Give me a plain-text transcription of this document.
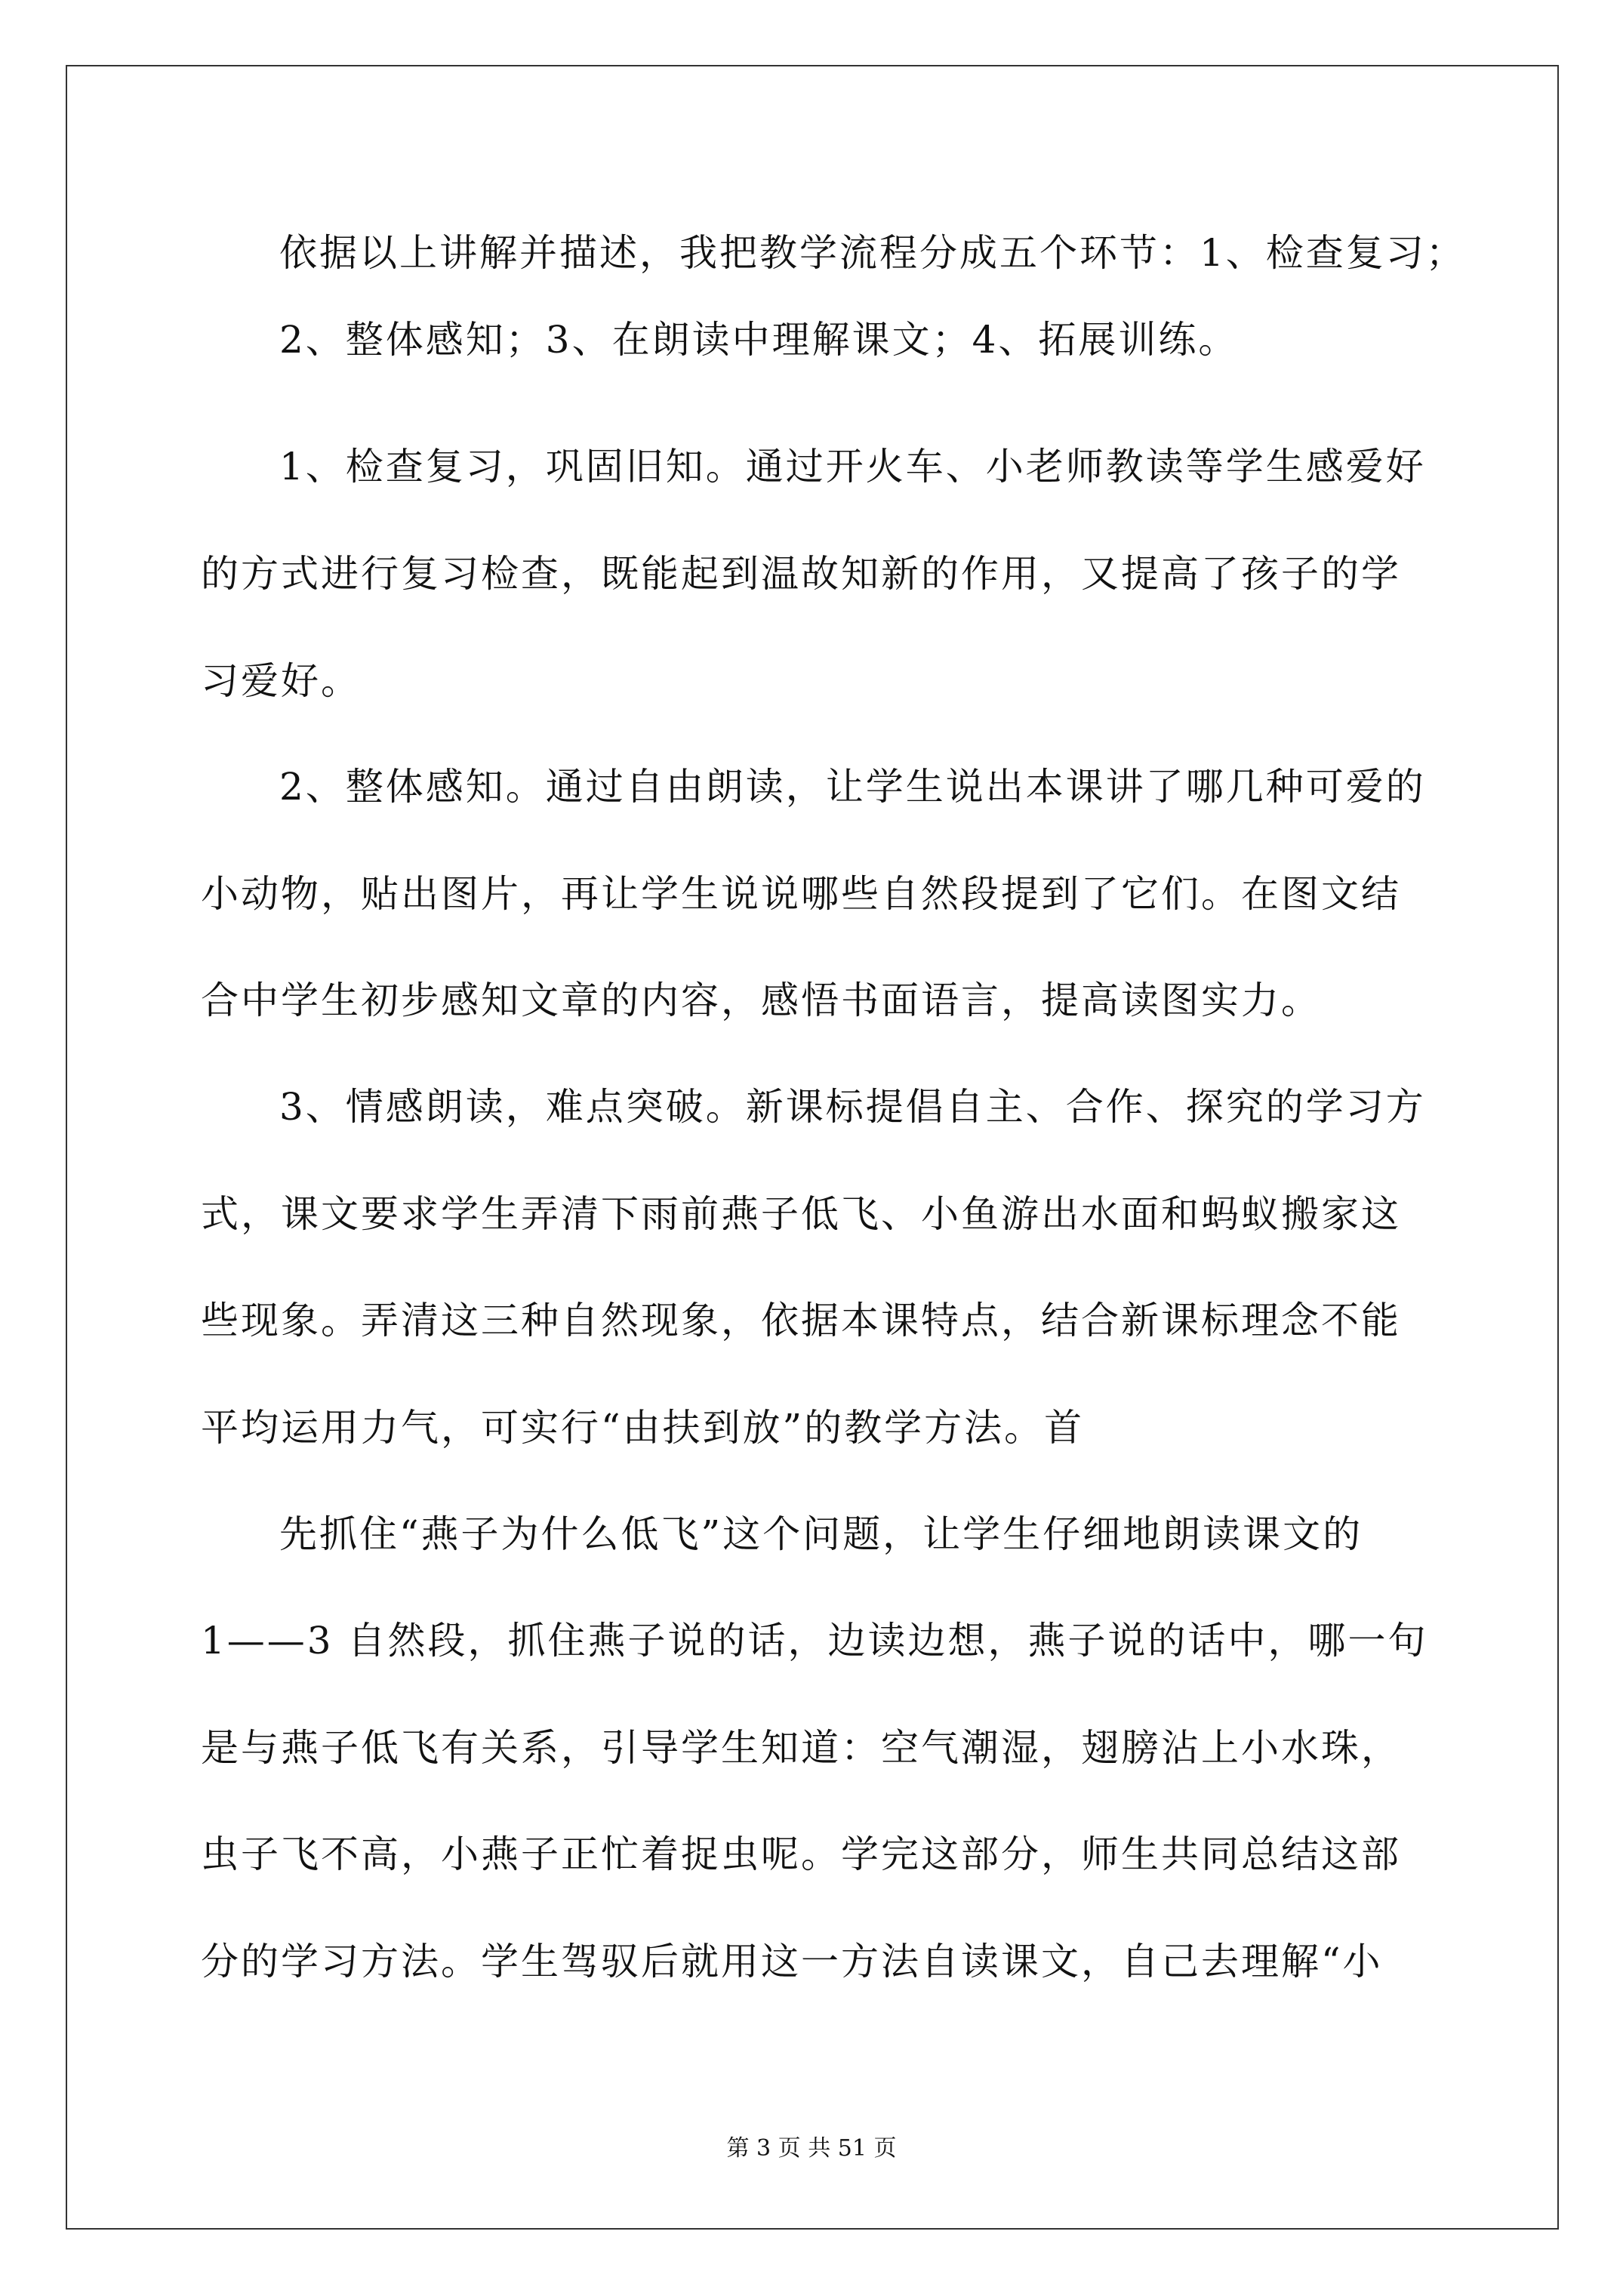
依据以上讲解并描述，我把教学流程分成五个环节：1、检查复习；
2、整体感知；3、在朗读中理解课文；4、拓展训练。
1、检查复习，巩固旧知。通过开火车、小老师教读等学生感爱好
的方式进行复习检查，既能起到温故知新的作用，又提高了孩子的学
习爱好。
2、整体感知。通过自由朗读，让学生说出本课讲了哪几种可爱的
小动物，贴出图片，再让学生说说哪些自然段提到了它们。在图文结
合中学生初步感知文章的内容，感悟书面语言，提高读图实力。
3、情感朗读，难点突破。新课标提倡自主、合作、探究的学习方
式，课文要求学生弄清下雨前燕子低飞、小鱼游出水面和蚂蚁搬家这
些现象。弄清这三种自然现象，依据本课特点，结合新课标理念不能
平均运用力气，可实行“由扶到放”的教学方法。首
先抓住“燕子为什么低飞”这个问题，让学生仔细地朗读课文的
1——3 自然段，抓住燕子说的话，边读边想，燕子说的话中，哪一句
是与燕子低飞有关系，引导学生知道：空气潮湿，翅膀沾上小水珠，
虫子飞不高，小燕子正忙着捉虫呢。学完这部分，师生共同总结这部
分的学习方法。学生驾驭后就用这一方法自读课文，自己去理解“小
第 3 页 共 51 页
